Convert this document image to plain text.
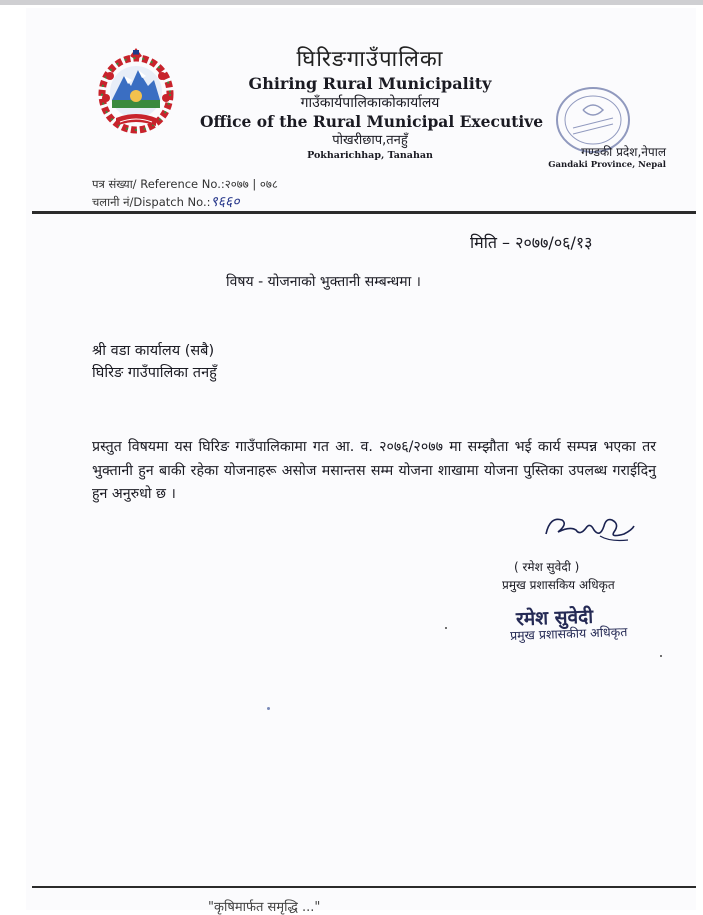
घिरिङगाउँपालिका
Ghiring Rural Municipality
गाउँकार्यपालिकाकोकार्यालय
Office of the Rural Municipal Executive
पोखरीछाप,तनहुँ
Pokharichhap, Tanahan	गण्डकी प्रदेश,नेपाल
Gandaki Province, Nepal
पत्र संख्या/ Reference No.:२०७७ | ०७८
चलानी नं/Dispatch No.:९६६०
मिति – २०७७/०६/१३
विषय - योजनाको भुक्तानी सम्बन्धमा ।
श्री वडा कार्यालय (सबै)
घिरिङ गाउँपालिका तनहुँ
प्रस्तुत विषयमा यस घिरिङ गाउँपालिकामा गत आ. व. २०७६/२०७७ मा सम्झौता भई कार्य सम्पन्न भएका तर भुक्तानी हुन बाकी रहेका योजनाहरू असोज मसान्तस सम्म योजना शाखामा योजना पुस्तिका उपलब्ध गराईदिनु हुन अनुरुधो छ ।
( रमेश सुवेदी )
प्रमुख प्रशासकिय अधिकृत
रमेश सुवेदी
प्रमुख प्रशासकीय अधिकृत
"कृषिमार्फत समृद्धि ..."
